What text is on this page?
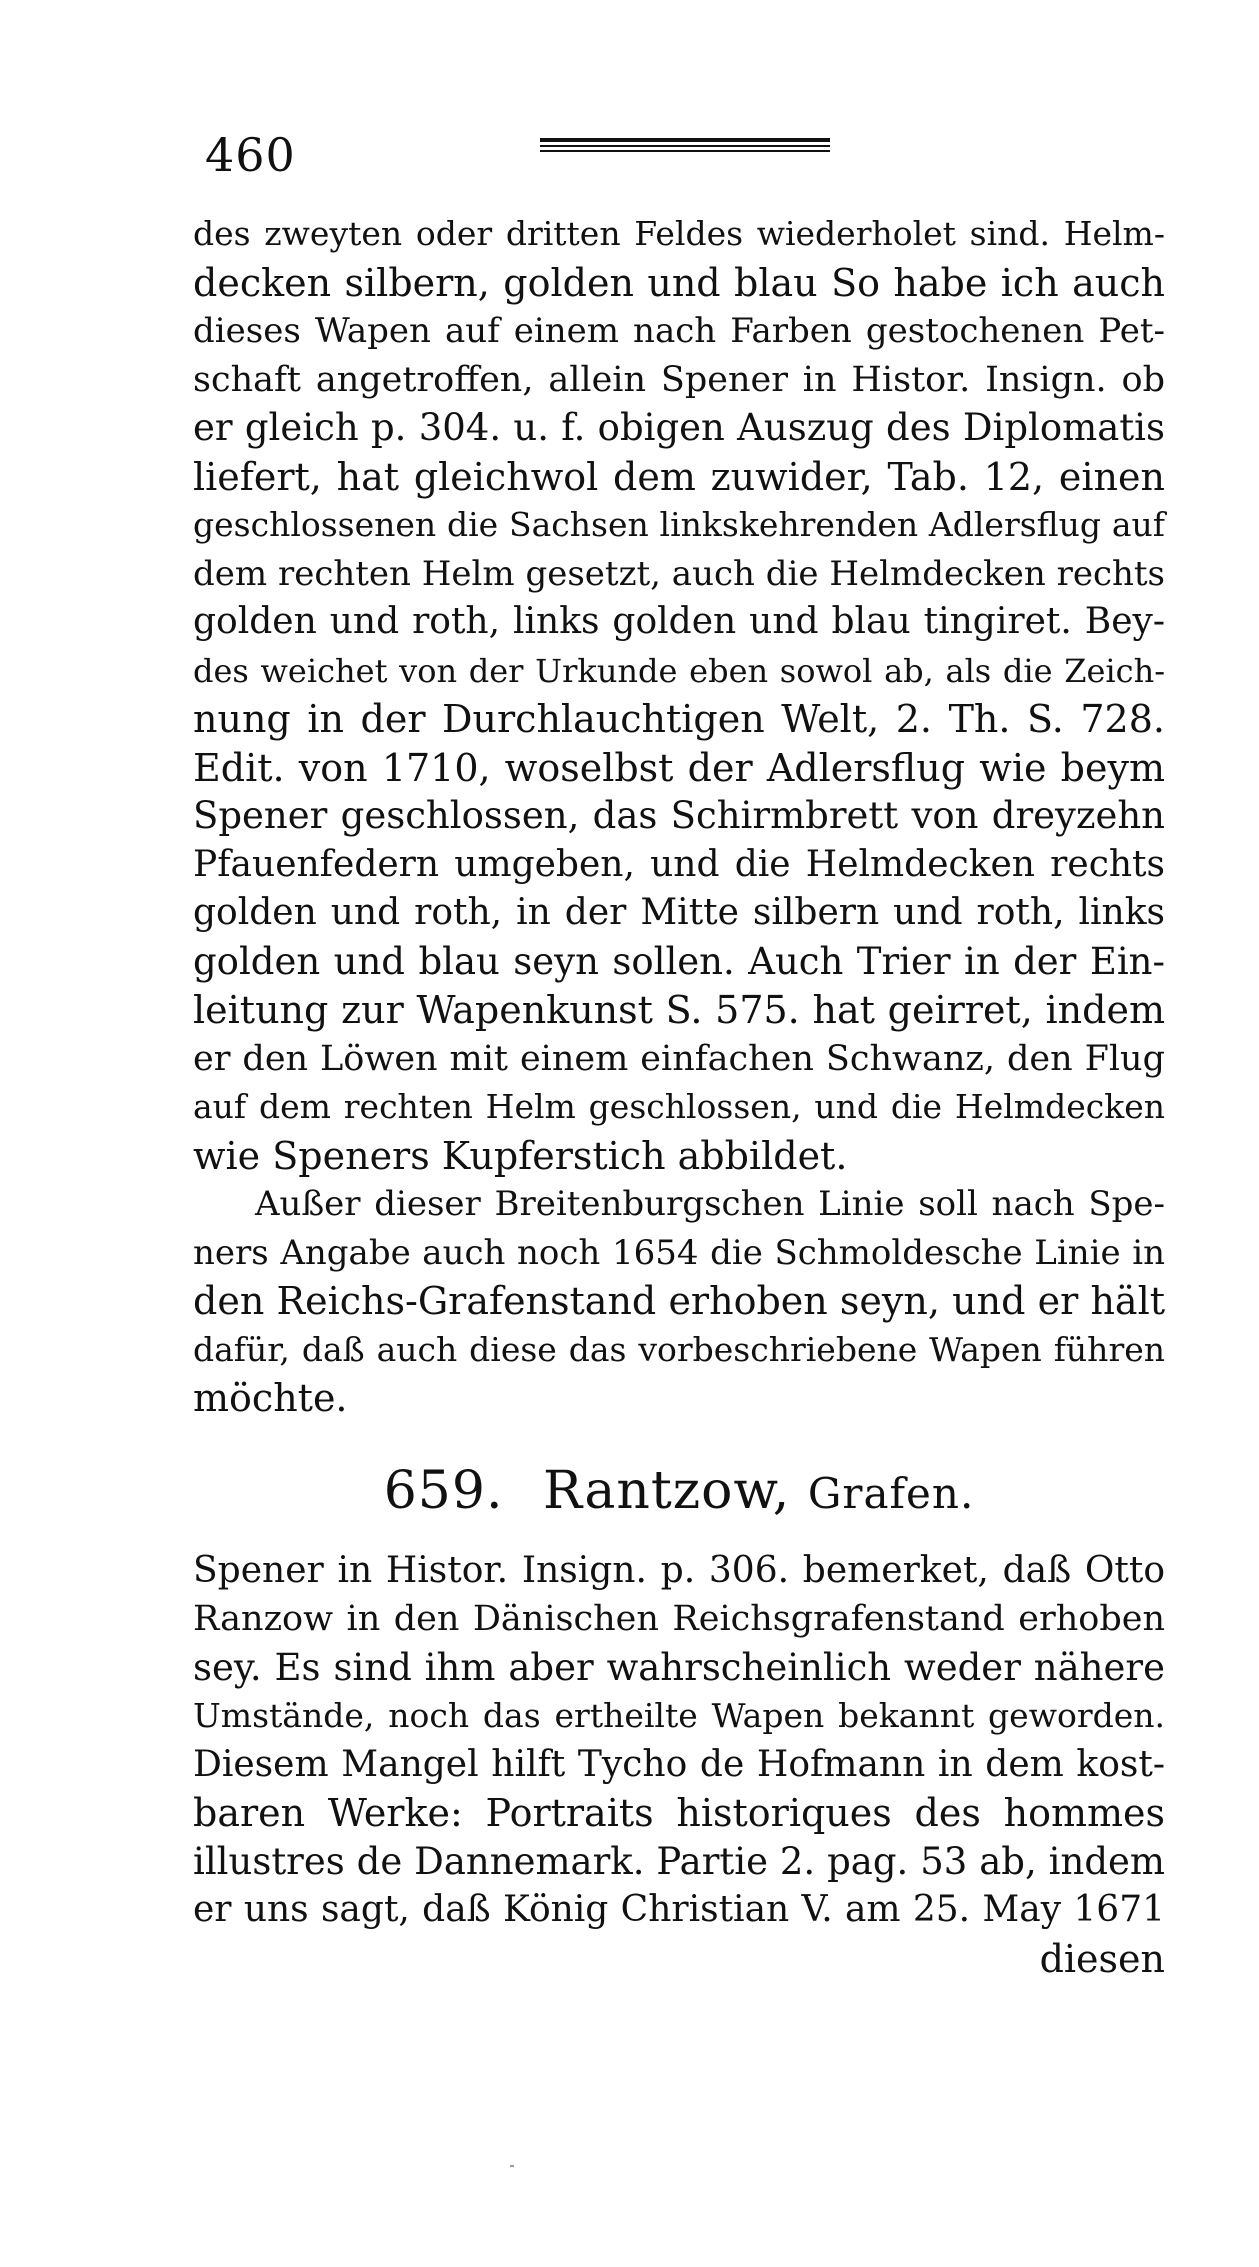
460
des zweyten oder dritten Feldes wiederholet sind. Helm-
decken silbern, golden und blau So habe ich auch
dieses Wapen auf einem nach Farben gestochenen Pet-
schaft angetroffen, allein Spener in Histor. Insign. ob
er gleich p. 304. u. f. obigen Auszug des Diplomatis
liefert, hat gleichwol dem zuwider, Tab. 12, einen
geschlossenen die Sachsen linkskehrenden Adlersflug auf
dem rechten Helm gesetzt, auch die Helmdecken rechts
golden und roth, links golden und blau tingiret. Bey-
des weichet von der Urkunde eben sowol ab, als die Zeich-
nung in der Durchlauchtigen Welt, 2. Th. S. 728.
Edit. von 1710, woselbst der Adlersflug wie beym
Spener geschlossen, das Schirmbrett von dreyzehn
Pfauenfedern umgeben, und die Helmdecken rechts
golden und roth, in der Mitte silbern und roth, links
golden und blau seyn sollen. Auch Trier in der Ein-
leitung zur Wapenkunst S. 575. hat geirret, indem
er den Löwen mit einem einfachen Schwanz, den Flug
auf dem rechten Helm geschlossen, und die Helmdecken
wie Speners Kupferstich abbildet.
Außer dieser Breitenburgschen Linie soll nach Spe-
ners Angabe auch noch 1654 die Schmoldesche Linie in
den Reichs-Grafenstand erhoben seyn, und er hält
dafür, daß auch diese das vorbeschriebene Wapen führen
möchte.
659. Rantzow, Grafen.
Spener in Histor. Insign. p. 306. bemerket, daß Otto
Ranzow in den Dänischen Reichsgrafenstand erhoben
sey. Es sind ihm aber wahrscheinlich weder nähere
Umstände, noch das ertheilte Wapen bekannt geworden.
Diesem Mangel hilft Tycho de Hofmann in dem kost-
baren Werke: Portraits historiques des hommes
illustres de Dannemark. Partie 2. pag. 53 ab, indem
er uns sagt, daß König Christian V. am 25. May 1671
diesen
